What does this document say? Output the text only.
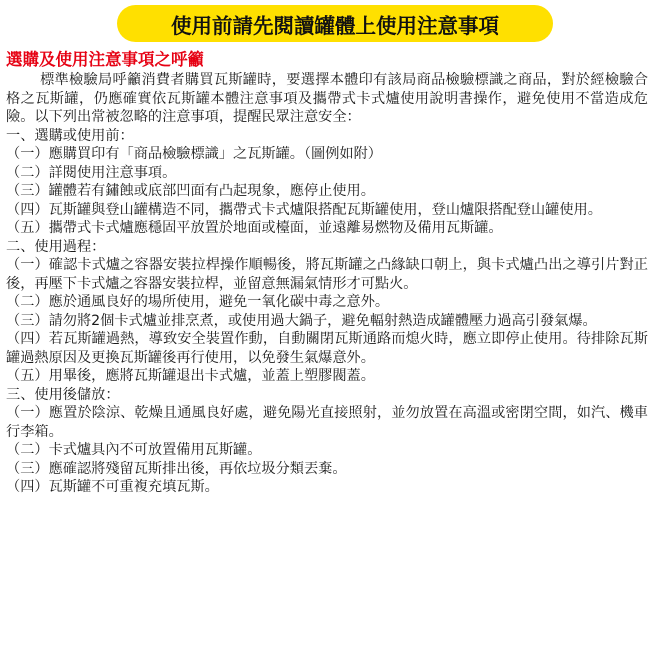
使用前請先閱讀罐體上使用注意事項
選購及使用注意事項之呼籲

標準檢驗局呼籲消費者購買瓦斯罐時，要選擇本體印有該局商品檢驗標識之商品，對於經檢驗合格之瓦斯罐，仍應確實依瓦斯罐本體注意事項及攜帶式卡式爐使用說明書操作，避免使用不當造成危險。以下列出常被忽略的注意事項，提醒民眾注意安全：

一、選購或使用前：

（一）應購買印有「商品檢驗標識」之瓦斯罐。（圖例如附）

（二）詳閱使用注意事項。

（三）罐體若有鏽蝕或底部凹面有凸起現象，應停止使用。

（四）瓦斯罐與登山罐構造不同，攜帶式卡式爐限搭配瓦斯罐使用，登山爐限搭配登山罐使用。

（五）攜帶式卡式爐應穩固平放置於地面或檯面，並遠離易燃物及備用瓦斯罐。

二、使用過程：

（一）確認卡式爐之容器安裝拉桿操作順暢後，將瓦斯罐之凸緣缺口朝上，與卡式爐凸出之導引片對正後，再壓下卡式爐之容器安裝拉桿，並留意無漏氣情形才可點火。

（二）應於通風良好的場所使用，避免一氧化碳中毒之意外。

（三）請勿將2個卡式爐並排烹煮，或使用過大鍋子，避免輻射熱造成罐體壓力過高引發氣爆。

（四）若瓦斯罐過熱，導致安全裝置作動，自動關閉瓦斯通路而熄火時，應立即停止使用。待排除瓦斯罐過熱原因及更換瓦斯罐後再行使用，以免發生氣爆意外。

（五）用畢後，應將瓦斯罐退出卡式爐，並蓋上塑膠閥蓋。

三、使用後儲放：

（一）應置於陰涼、乾燥且通風良好處，避免陽光直接照射，並勿放置在高溫或密閉空間，如汽、機車行李箱。

（二）卡式爐具內不可放置備用瓦斯罐。

（三）應確認將殘留瓦斯排出後，再依垃圾分類丟棄。

（四）瓦斯罐不可重複充填瓦斯。
